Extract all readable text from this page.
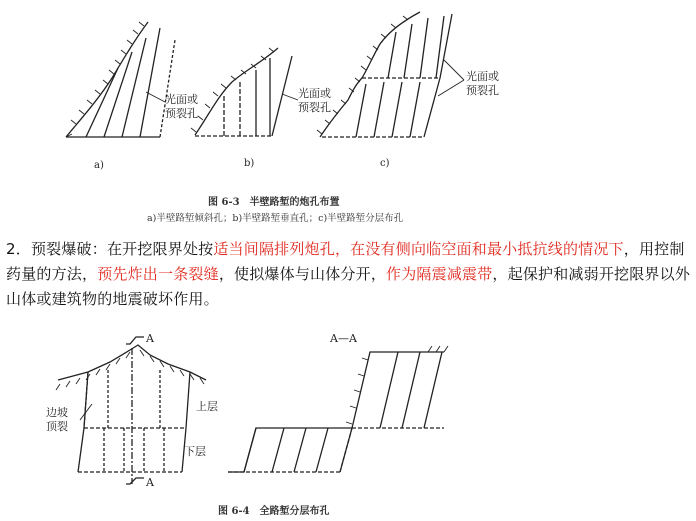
光面或
预裂孔
光面或
预裂孔
光面或
预裂孔
a)	b)	c)
图 6-3　半壁路堑的炮孔布置
a)半壁路堑倾斜孔；b)半壁路堑垂直孔；c)半壁路堑分层布孔
2．预裂爆破：在开挖限界处按适当间隔排列炮孔，在没有侧向临空面和最小抵抗线的情况下，用控制药量的方法，预先炸出一条裂缝，使拟爆体与山体分开，作为隔震减震带，起保护和减弱开挖限界以外山体或建筑物的地震破坏作用。
A
A
A—A
边坡
顶裂
上层
下层
图 6-4　全路堑分层布孔
